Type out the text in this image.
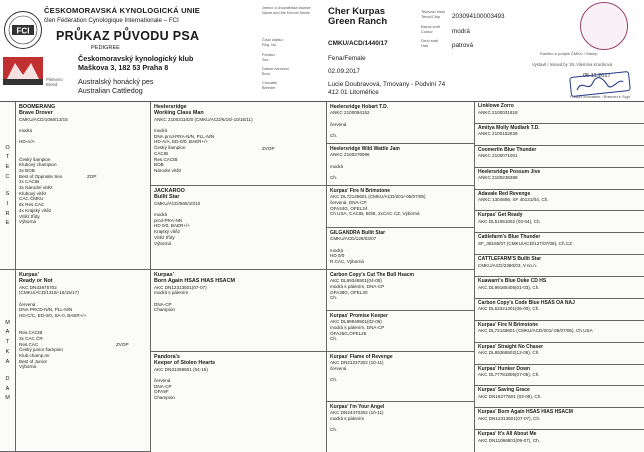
FCI
ČESKOMORAVSKÁ KYNOLOGICKÁ UNIE
člen Fédération Cynologique Internationale – FCI
PRŮKAZ PŮVODU PSA
PEDIGREE
Českomoravský kynologický klub
Maškova 3, 182 53 Praha 8
Plemeno
Breed	Australský honácký pes
Australian Cattledog
Jméno a chovatelská stanice
Name and the Kennel Name
Číslo zápisu
Reg. No.
Pohlaví
Sex
Datum narození
Born
Chovatel
Breeder
Cher Kurpas
Green Ranch
CMKU/ACD/1440/17
Fena/Female
02.09.2017
Lucie Doubravová, Trnovany - Podviní 74
412 01 Litoměřice
Tetovací číslo
Tetoo/Chip	203094100003493
Barva srsti
Colour	modrá
Druh srsti
Hair	patrová
Razítko a podpis ČMKU / Stamp
Vystavil / Issued by: Bc.Vilemína Kracíková
05.11.2017
Podpis chovatele / Breeder's Sign.
O
T
E
C
S
I
R
E
M
A
T
K
A
D
A
M
BOOMERANG
Brave Drover
CMKU/ACD/1066/13/15

modrá

HD-A/A

Český šampion
Klubový champion
2x BOB
Best of Opposite Sex
2x CACIB
3x Národní vítěz
Klubový vítěz
CAC ČMKU
8x Res.CAC
4x Krajský vítěz
Vítěz třídy
Výborná
Kurpas'
Ready or Not
AKC DN43975702
(CMKU/ACD/1315/-16/15/17)

červená
DNA PRCD-N/N, PLL-N/N
HD-C/C, ED-0/0, SA-0, BAER+/+

Res.CACIB
3x CAC ČR
Res.CAC
Český junior šampion
Klub.champ.mi
Best of Junior
Výborná
ZOP
ZVOP
Heelersridge
Working Class Man
ANKC 2100311020 (CMKU/ACD/6/16/-10/16/11)

modrá
DNA prcd-PRA-N/N, PLL-N/N
HD-A/A, ED-0/0, BAER+/+
Český šampion
CACIB
Res.CACIB
BOB
Národní vítěz
ZVOP
JACKAROO
Bullit Star
CMKU/ACD/565/10/10

modrá
prcd-PRA-NN
HD 0/0, BAER+/+
Krajský vítěz
Vítěz třídy
Výborná
Kurpas'
Born Again HSAS HIAS HSACM
AKC DN12313501(07-07)
modrá s pálením

DNA-CP
Champion
Pandora's
Keeper of Stolen Hearts
AKC DN31269601 (04-15)

červená
DNA-CP
OFA9F
Champion
Heelersridge Hobart T.D.
ANKC 2100094152

červená

Ch.
Heelersridge Wild Wattle Jam
ANKC 2100276096

modrá

Ch.
Kurpas' Fire N Brimstone
AKC DL72148601 (CMKU/ACD/201/-05/07/05)
červená, DNA-CP
OFA24G, OFEL24
Ch.USA, CACIB, BOB, 2xCAC CZ, Výborná
GILGANDRA Bullit Star
CMKU/ACD/126/03/07

modrá
HD 0/0
R.CAC, Výborná
Carbon Copy's Cut The Bull Hsacm
AKC DL89346501(04-05)
modrá s pálením, DNA-CP
OFA38G, OFEL30
Ch.
Kurpas' Promise Keeper
AKC DL89948501(02-06)
modrá s pálením, DNA-CP
OFA25G,OFEL25
Ch.
Kurpas' Flame of Revenge
AKC DN21237302 (10-11)
červená

Ch.
Kurpas' I'm Your Angel
AKC DN24470302 (10-11)
modrá s pálením

Ch.
Linklowe Zorro
ANKC 2100031818
Amitya Molly Mudlark T.D.
ANKC 2100152628
Coomerlin Blue Thunder
ANKC 2100071001
Heelersridge Possum Jive
ANKC 2100236388
Adavale Red Revenge
ANKC 1304666, SF 40131/04, Ch.
Kurpas' Get Ready
AKC DL51951002 (03-04), Ch.
Cattlefarm's Blue Thunder
SF_38165/07 (CMKU/ACD/127/07/08), Ch.CZ
CATTLEFARM'S Bullit Star
CMKU/ACD/2360/03, V.no.n.
Kuawarri's Blue Duke CD HS
AKC DL99185405(01-03), Ch.
Carbon Copy's Code Blue HSAS OA NAJ
AKC DL53321301(06-00), Ch.
Kurpas' Fire N Brimstone
AKC DL72148601 (CMKU/ACD/201/-05/07/05), Ch.USA
Kurpas' Straight No Chaser
AKC DL89368502(12-06), Ch.
Kurpas' Hunker Down
AKC DL77781805(07-05), Ch.
Kurpas' Saving Grace
AKC DN18277801 (03-09), Ch.
Kurpas' Born Again HSAS HIAS HSACM
AKC DN12313501(07-07), Ch.
Kurpas' It's All About Me
AKC DN11066801(09-07), Ch.
